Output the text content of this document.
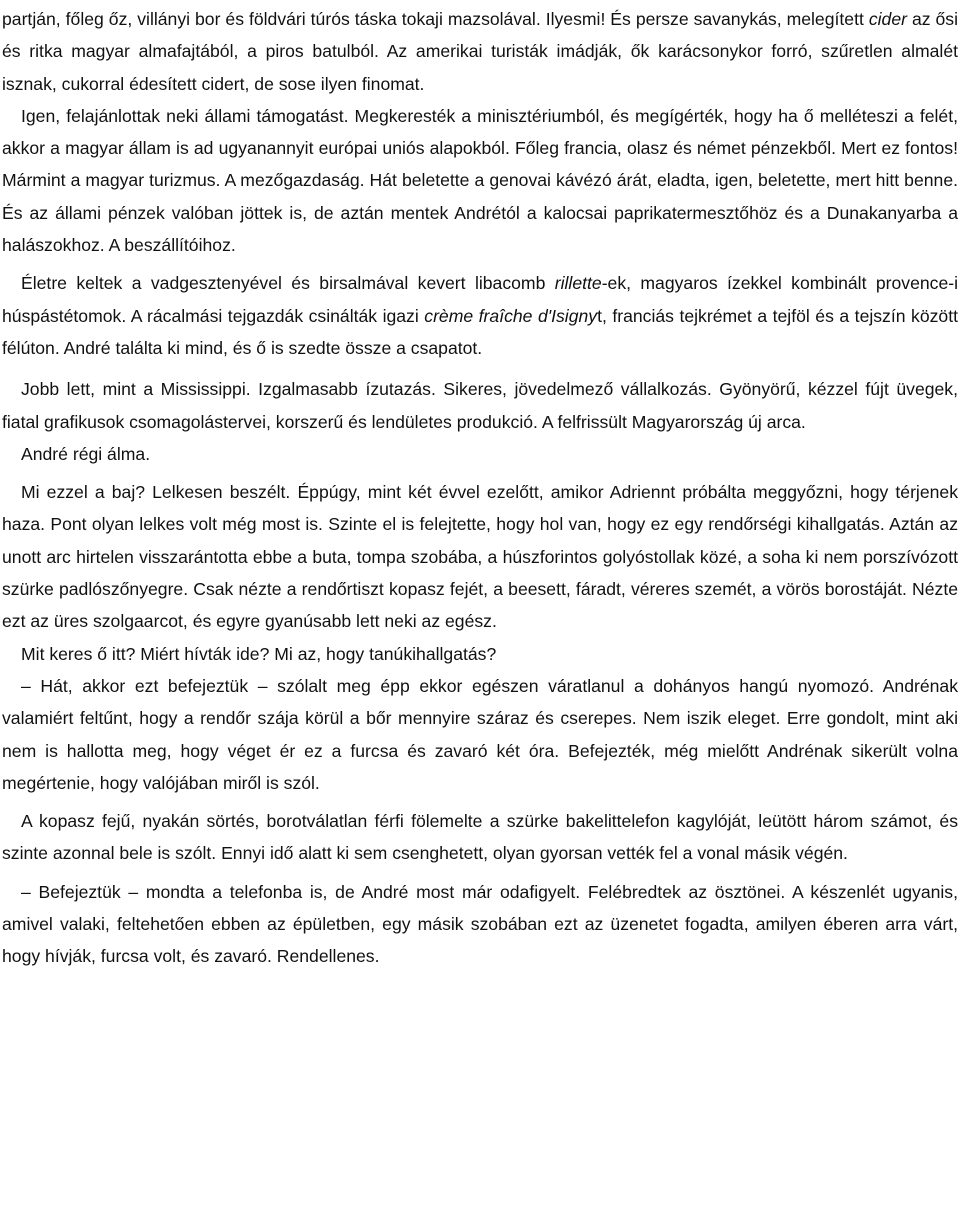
partján, főleg őz, villányi bor és földvári túrós táska tokaji mazsolával. Ilyesmi! És persze savanykás, melegített cider az ősi és ritka magyar almafajtából, a piros batulból. Az amerikai turisták imádják, ők karácsonykor forró, szűretlen almalét isznak, cukorral édesített cidert, de sose ilyen finomat.

Igen, felajánlottak neki állami támogatást. Megkeresték a minisztériumból, és megígérték, hogy ha ő melléteszi a felét, akkor a magyar állam is ad ugyanannyit európai uniós alapokból. Főleg francia, olasz és német pénzekből. Mert ez fontos! Mármint a magyar turizmus. A mezőgazdaság. Hát beletette a genovai kávézó árát, eladta, igen, beletette, mert hitt benne. És az állami pénzek valóban jöttek is, de aztán mentek Andrétól a kalocsai paprikatermesztőhöz és a Dunakanyarba a halászokhoz. A beszállítóihoz.

Életre keltek a vadgesztenyével és birsalmával kevert libacomb rillette-ek, magyaros ízekkel kombinált provence-i húspástétomok. A rácalmási tejgazdák csinálták igazi crème fraîche d'Isignyt, franciás tejkrémet a tejföl és a tejszín között félúton. André találta ki mind, és ő is szedte össze a csapatot.

Jobb lett, mint a Mississippi. Izgalmasabb ízutazás. Sikeres, jövedelmező vállalkozás. Gyönyörű, kézzel fújt üvegek, fiatal grafikusok csomagolástervei, korszerű és lendületes produkció. A felfrissült Magyarország új arca.

André régi álma.

Mi ezzel a baj? Lelkesen beszélt. Éppúgy, mint két évvel ezelőtt, amikor Adriennt próbálta meggyőzni, hogy térjenek haza. Pont olyan lelkes volt még most is. Szinte el is felejtette, hogy hol van, hogy ez egy rendőrségi kihallgatás. Aztán az unott arc hirtelen visszarántotta ebbe a buta, tompa szobába, a húszforintos golyóstollak közé, a soha ki nem porszívózott szürke padlószőnyegre. Csak nézte a rendőrtiszt kopasz fejét, a beesett, fáradt, véreres szemét, a vörös borostáját. Nézte ezt az üres szolgaarcot, és egyre gyanúsabb lett neki az egész.

Mit keres ő itt? Miért hívták ide? Mi az, hogy tanúkihallgatás?

– Hát, akkor ezt befejeztük – szólalt meg épp ekkor egészen váratlanul a dohányos hangú nyomozó. Andrénak valamiért feltűnt, hogy a rendőr szája körül a bőr mennyire száraz és cserepes. Nem iszik eleget. Erre gondolt, mint aki nem is hallotta meg, hogy véget ér ez a furcsa és zavaró két óra. Befejezték, még mielőtt Andrénak sikerült volna megértenie, hogy valójában miről is szól.

A kopasz fejű, nyakán sörtés, borotválatlan férfi fölemelte a szürke bakelittelefon kagylóját, leütött három számot, és szinte azonnal bele is szólt. Ennyi idő alatt ki sem csenghetett, olyan gyorsan vették fel a vonal másik végén.

– Befejeztük – mondta a telefonba is, de André most már odafigyelt. Felébredtek az ösztönei. A készenlét ugyanis, amivel valaki, feltehetően ebben az épületben, egy másik szobában ezt az üzenetet fogadta, amilyen éberen arra várt, hogy hívják, furcsa volt, és zavaró. Rendellenes.
